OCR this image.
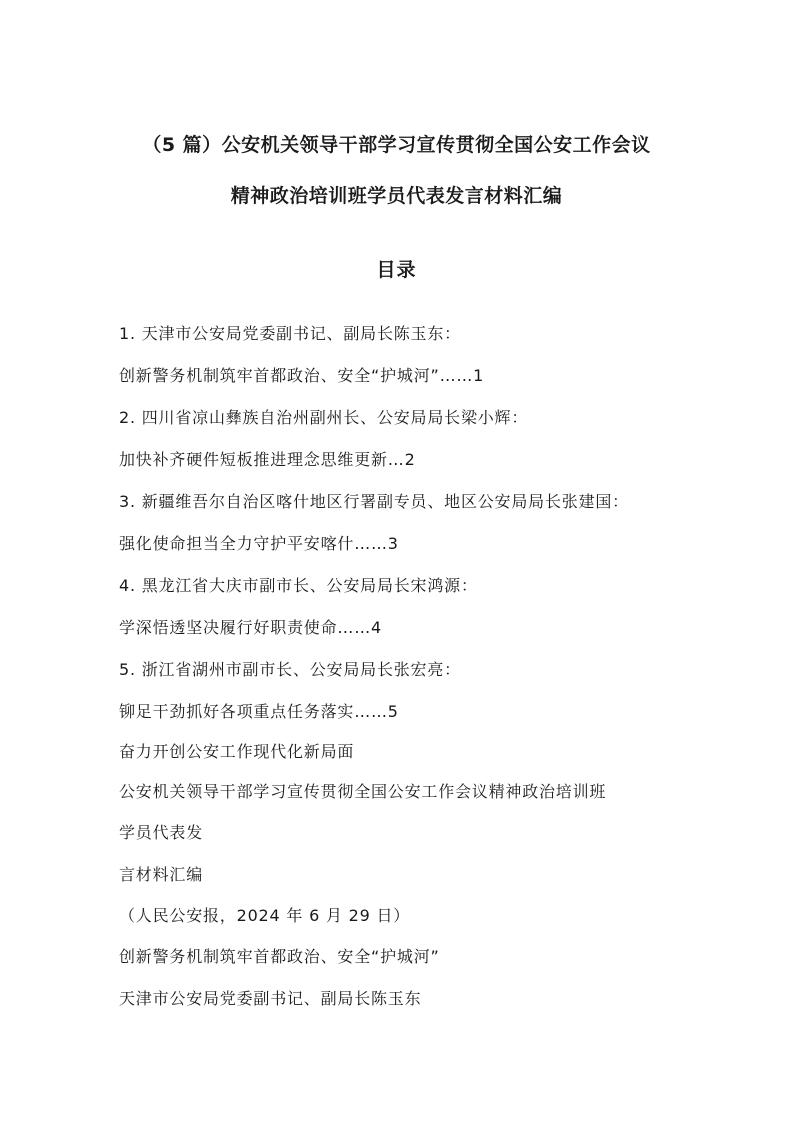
（5 篇）公安机关领导干部学习宣传贯彻全国公安工作会议
精神政治培训班学员代表发言材料汇编
目录
1. 天津市公安局党委副书记、副局长陈玉东：
创新警务机制筑牢首都政治、安全“护城河”……1
2. 四川省凉山彝族自治州副州长、公安局局长梁小辉：
加快补齐硬件短板推进理念思维更新…2
3. 新疆维吾尔自治区喀什地区行署副专员、地区公安局局长张建国：
强化使命担当全力守护平安喀什……3
4. 黑龙江省大庆市副市长、公安局局长宋鸿源：
学深悟透坚决履行好职责使命……4
5. 浙江省湖州市副市长、公安局局长张宏亮：
铆足干劲抓好各项重点任务落实……5
奋力开创公安工作现代化新局面
公安机关领导干部学习宣传贯彻全国公安工作会议精神政治培训班
学员代表发
言材料汇编
（人民公安报，2024 年 6 月 29 日）
创新警务机制筑牢首都政治、安全“护城河”
天津市公安局党委副书记、副局长陈玉东
